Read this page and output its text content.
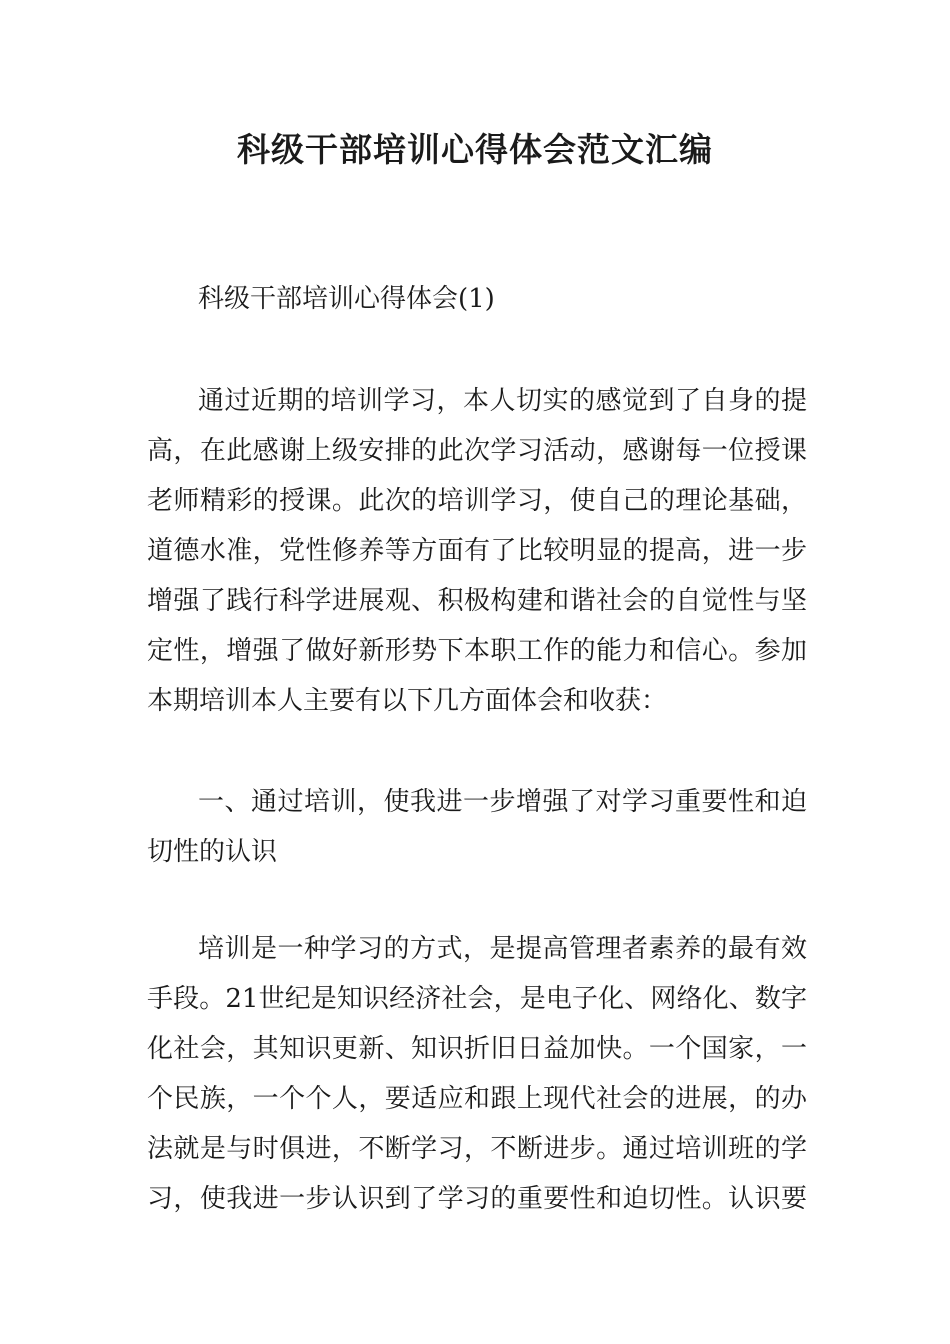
科级干部培训心得体会范文汇编

科级干部培训心得体会(1)

通过近期的培训学习，本人切实的感觉到了自身的提

高，在此感谢上级安排的此次学习活动，感谢每一位授课

老师精彩的授课。此次的培训学习，使自己的理论基础，

道德水准，党性修养等方面有了比较明显的提高，进一步

增强了践行科学进展观、积极构建和谐社会的自觉性与坚

定性，增强了做好新形势下本职工作的能力和信心。参加

本期培训本人主要有以下几方面体会和收获：

一、通过培训，使我进一步增强了对学习重要性和迫

切性的认识

培训是一种学习的方式，是提高管理者素养的最有效

手段。21世纪是知识经济社会，是电子化、网络化、数字

化社会，其知识更新、知识折旧日益加快。一个国家，一

个民族，一个个人，要适应和跟上现代社会的进展，的办

法就是与时俱进，不断学习，不断进步。通过培训班的学

习，使我进一步认识到了学习的重要性和迫切性。认识要
